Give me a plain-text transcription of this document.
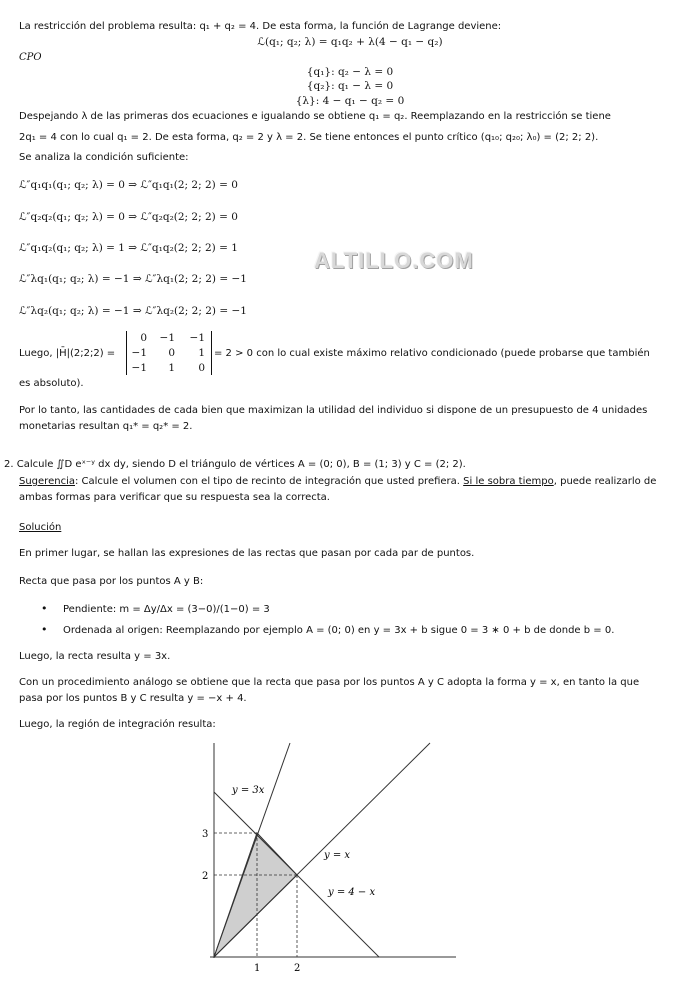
La restricción del problema resulta: q₁ + q₂ = 4. De esta forma, la función de Lagrange deviene:
ℒ(q₁; q₂; λ) = q₁q₂ + λ(4 − q₁ − q₂)
CPO
{q₁}: q₂ − λ = 0
{q₂}: q₁ − λ = 0
{λ}: 4 − q₁ − q₂ = 0
Despejando λ de las primeras dos ecuaciones e igualando se obtiene q₁ = q₂. Reemplazando en la restricción se tiene
2q₁ = 4 con lo cual q₁ = 2. De esta forma, q₂ = 2 y λ = 2. Se tiene entonces el punto crítico (q₁₀; q₂₀; λ₀) = (2; 2; 2).
Se analiza la condición suficiente:
ℒ″q₁q₁(q₁; q₂; λ) = 0 ⇒ ℒ″q₁q₁(2; 2; 2) = 0
ℒ″q₂q₂(q₁; q₂; λ) = 0 ⇒ ℒ″q₂q₂(2; 2; 2) = 0
ℒ″q₁q₂(q₁; q₂; λ) = 1 ⇒ ℒ″q₁q₂(2; 2; 2) = 1
ℒ″λq₁(q₁; q₂; λ) = −1 ⇒ ℒ″λq₁(2; 2; 2) = −1
ℒ″λq₂(q₁; q₂; λ) = −1 ⇒ ℒ″λq₂(2; 2; 2) = −1
ALTILLO.COM
Luego, |H̄|(2;2;2) =
0	−1	−1
−1	0	1
−1	1	0
= 2 > 0 con lo cual existe máximo relativo condicionado (puede probarse que también
es absoluto).
Por lo tanto, las cantidades de cada bien que maximizan la utilidad del individuo si dispone de un presupuesto de 4 unidades
monetarias resultan q₁* = q₂* = 2.
2. Calcule ∬D eˣ⁻ʸ dx dy, siendo D el triángulo de vértices A = (0; 0), B = (1; 3) y C = (2; 2).
Sugerencia: Calcule el volumen con el tipo de recinto de integración que usted prefiera. Si le sobra tiempo, puede realizarlo de
ambas formas para verificar que su respuesta sea la correcta.
Solución
En primer lugar, se hallan las expresiones de las rectas que pasan por cada par de puntos.
Recta que pasa por los puntos A y B:
• Pendiente: m = Δy/Δx = (3−0)/(1−0) = 3
• Ordenada al origen: Reemplazando por ejemplo A = (0; 0) en y = 3x + b sigue 0 = 3 ∗ 0 + b de donde b = 0.
Luego, la recta resulta y = 3x.
Con un procedimiento análogo se obtiene que la recta que pasa por los puntos A y C adopta la forma y = x, en tanto la que
pasa por los puntos B y C resulta y = −x + 4.
Luego, la región de integración resulta:
y = 3x
y = x
y = 4 − x
3
2
1	2
